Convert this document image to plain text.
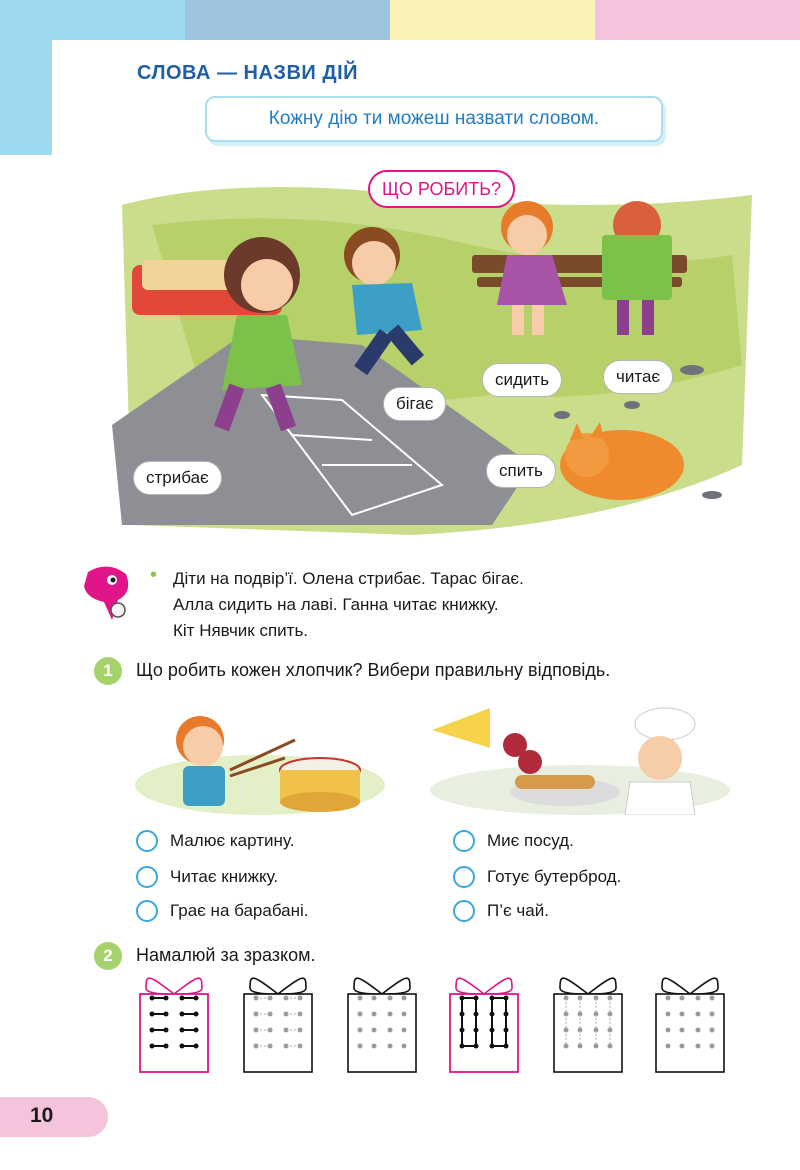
СЛОВА — НАЗВИ ДІЙ
Кожну дію ти можеш назвати словом.
ЩО РОБИТЬ?
стрибає
бігає
сидить	читає
спить
• Діти на подвір’ї. Олена стрибає. Тарас бігає.
Алла сидить на лаві. Ганна читає книжку.
Кіт Нявчик спить.
1	Що робить кожен хлопчик? Вибери правильну відповідь.
Малює картину.
Читає книжку.
Грає на барабані.
Миє посуд.
Готує бутерброд.
П’є чай.
2	Намалюй за зразком.
10
